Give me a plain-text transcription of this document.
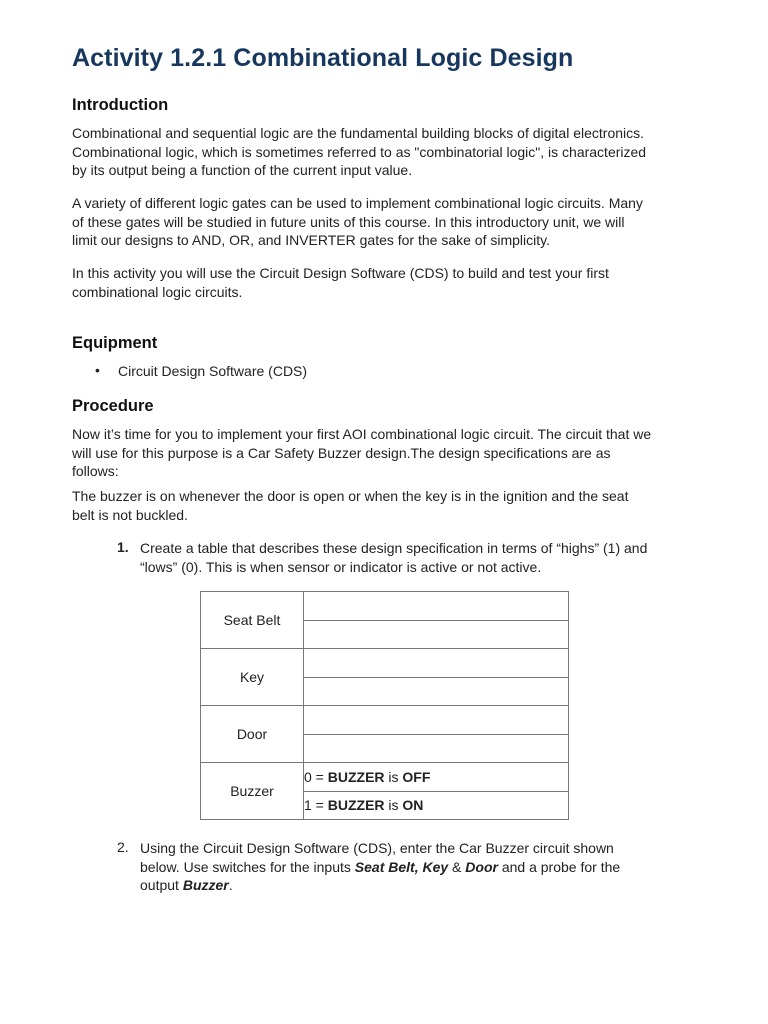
Activity 1.2.1 Combinational Logic Design
Introduction

Combinational and sequential logic are the fundamental building blocks of digital electronics.
Combinational logic, which is sometimes referred to as "combinatorial logic", is characterized
by its output being a function of the current input value.

A variety of different logic gates can be used to implement combinational logic circuits. Many
of these gates will be studied in future units of this course. In this introductory unit, we will
limit our designs to AND, OR, and INVERTER gates for the sake of simplicity.

In this activity you will use the Circuit Design Software (CDS) to build and test your first
combinational logic circuits.

Equipment
• Circuit Design Software (CDS)
Procedure

Now it’s time for you to implement your first AOI combinational logic circuit. The circuit that we
will use for this purpose is a Car Safety Buzzer design.The design specifications are as
follows:

The buzzer is on whenever the door is open or when the key is in the ignition and the seat
belt is not buckled.

1. Create a table that describes these design specification in terms of “highs” (1) and
“lows” (0). This is when sensor or indicator is active or not active.

Seat Belt	

Key	

Door	

Buzzer	0 = BUZZER is OFF
	1 = BUZZER is ON
2. Using the Circuit Design Software (CDS), enter the Car Buzzer circuit shown
below. Use switches for the inputs Seat Belt, Key & Door and a probe for the
output Buzzer.
